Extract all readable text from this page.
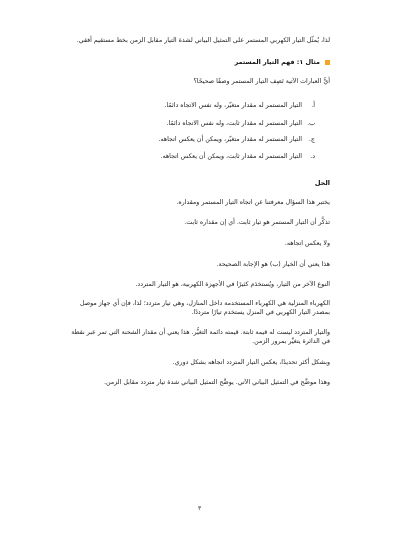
لذا، يُمثّل التيار الكهربي المستمر على التمثيل البياني لشدة التيار مقابل الزمن بخط مستقيم أفقي.
مثال ١: فهم التيار المستمر
أيُّ العبارات الآتية تَصِف التيار المستمر وصفًا صحيحًا؟
أ.
التيار المستمر له مقدار متغيّر، وله نفس الاتجاه دائمًا.
ب.
التيار المستمر له مقدار ثابت، وله نفس الاتجاه دائمًا.
ج.
التيار المستمر له مقدار متغيّر، ويمكن أن يعكس اتجاهه.
د.
التيار المستمر له مقدار ثابت، ويمكن أن يعكس اتجاهه.
الحل
يختبر هذا السؤال معرفتنا عن اتجاه التيار المستمر ومقداره.
تذكَّر أن التيار المستمر هو تيار ثابت. أي إن مقداره ثابت.
ولا يعكس اتجاهه.
هذا يعني أن الخيار (ب) هو الإجابة الصحيحة.
النوع الآخر من التيار، ويُستخدَم كثيرًا في الأجهزة الكهربية، هو التيار المتردد.
الكهرباء المنزلية هي الكهرباء المستخدمة داخل المنازل، وهي تيار متردد؛ لذا، فإن أي جهاز موصل بمصدر التيار الكهربي في المنزل يستخدم تيارًا مترددًا.
والتيار المتردد ليست له قيمة ثابتة. قيمته دائمة التغيُّر. هذا يعني أن مقدار الشحنة التي تمر عبر نقطة في الدائرة يتغيَّر بمرور الزمن.
وبشكل أكثر تحديدًا، يعكس التيار المتردد اتجاهه بشكل دوري.
وهذا موضَّح في التمثيل البياني الآتي. يوضِّح التمثيل البياني شدة تيار متردد مقابل الزمن.
٣
